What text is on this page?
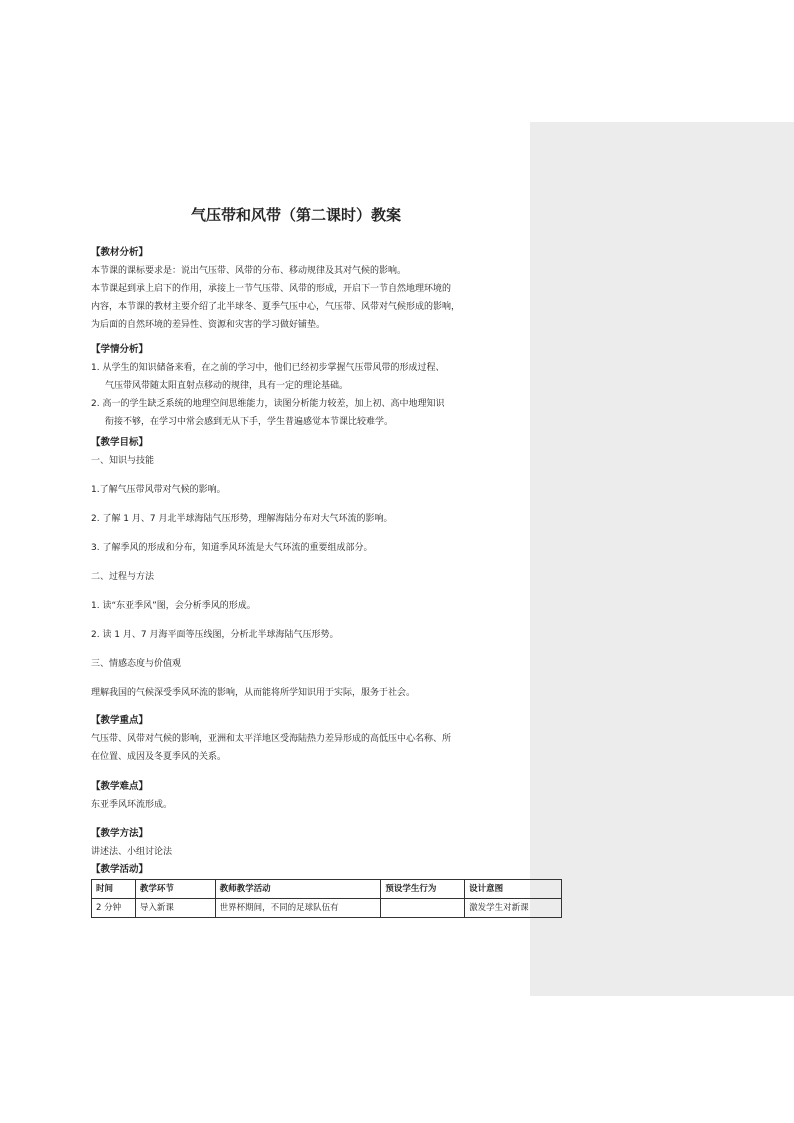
气压带和风带（第二课时）教案

【教材分析】

本节课的课标要求是：说出气压带、风带的分布、移动规律及其对气候的影响。

本节课起到承上启下的作用，承接上一节气压带、风带的形成，开启下一节自然地理环境的

内容，本节课的教材主要介绍了北半球冬、夏季气压中心，气压带、风带对气候形成的影响，

为后面的自然环境的差异性、资源和灾害的学习做好铺垫。

【学情分析】

1. 从学生的知识储备来看，在之前的学习中，他们已经初步掌握气压带风带的形成过程、

气压带风带随太阳直射点移动的规律，具有一定的理论基础。

2. 高一的学生缺乏系统的地理空间思维能力，读图分析能力较差，加上初、高中地理知识

衔接不够，在学习中常会感到无从下手，学生普遍感觉本节课比较难学。

【教学目标】

一、知识与技能

1.了解气压带风带对气候的影响。

2. 了解 1 月、7 月北半球海陆气压形势，理解海陆分布对大气环流的影响。

3. 了解季风的形成和分布，知道季风环流是大气环流的重要组成部分。

二、过程与方法

1. 读“东亚季风”图，会分析季风的形成。

2. 读 1 月、7 月海平面等压线图，分析北半球海陆气压形势。

三、情感态度与价值观

理解我国的气候深受季风环流的影响，从而能将所学知识用于实际，服务于社会。

【教学重点】

气压带、风带对气候的影响，亚洲和太平洋地区受海陆热力差异形成的高低压中心名称、所

在位置、成因及冬夏季风的关系。

【教学难点】

东亚季风环流形成。

【教学方法】

讲述法、小组讨论法

【教学活动】

时间	教学环节	教师教学活动	预设学生行为	设计意图
2 分钟	导入新课	世界杯期间，不同的足球队伍有		激发学生对新课
